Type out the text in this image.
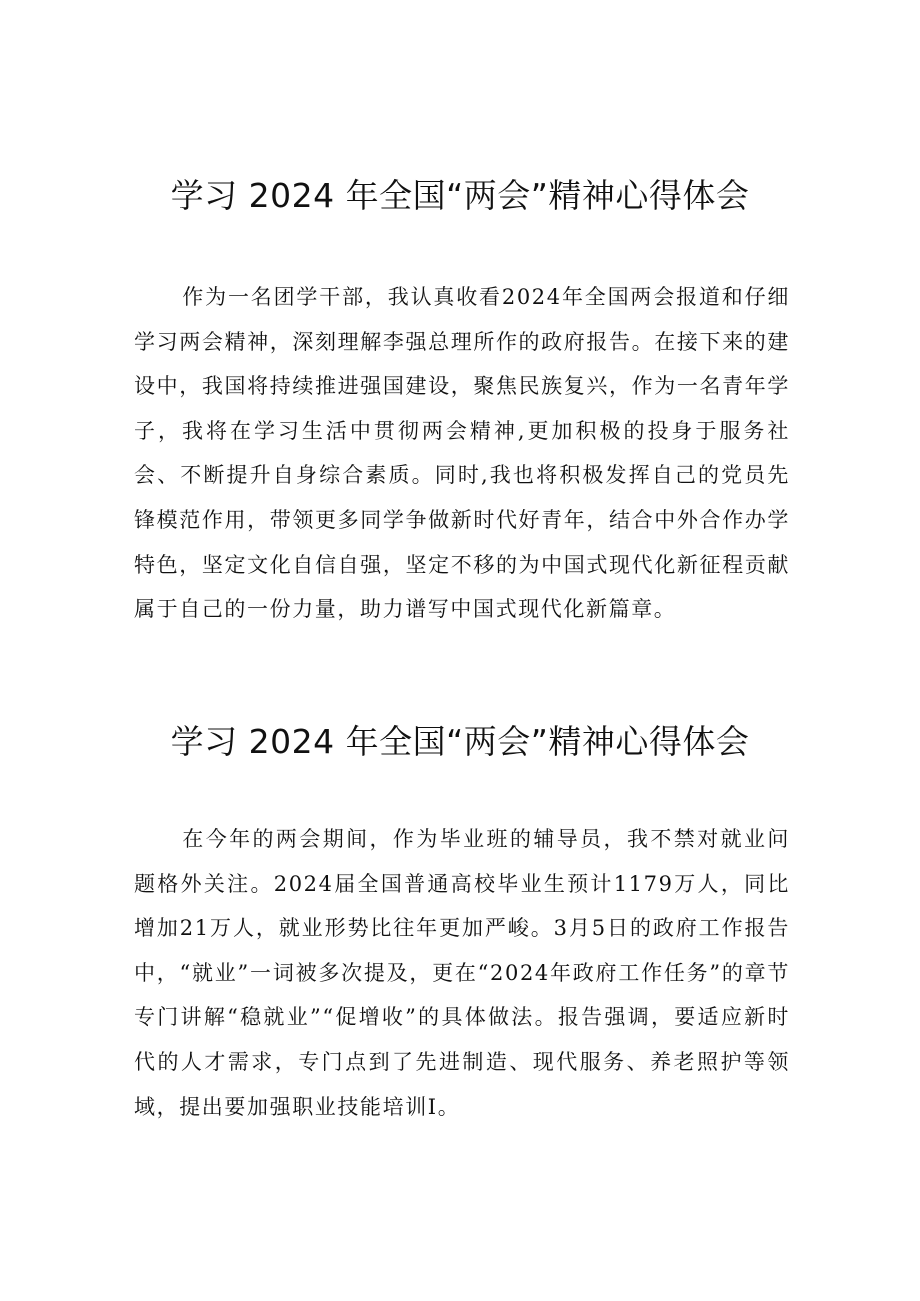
学习 2024 年全国“两会”精神心得体会

作为一名团学干部，我认真收看2024年全国两会报道和仔细学习两会精神，深刻理解李强总理所作的政府报告。在接下来的建设中，我国将持续推进强国建设，聚焦民族复兴，作为一名青年学子，我将在学习生活中贯彻两会精神,更加积极的投身于服务社会、不断提升自身综合素质。同时,我也将积极发挥自己的党员先锋模范作用，带领更多同学争做新时代好青年，结合中外合作办学特色，坚定文化自信自强，坚定不移的为中国式现代化新征程贡献属于自己的一份力量，助力谱写中国式现代化新篇章。

学习 2024 年全国“两会”精神心得体会

在今年的两会期间，作为毕业班的辅导员，我不禁对就业问题格外关注。2024届全国普通高校毕业生预计1179万人，同比增加21万人，就业形势比往年更加严峻。3月5日的政府工作报告中，“就业”一词被多次提及，更在“2024年政府工作任务”的章节专门讲解“稳就业”“促增收”的具体做法。报告强调，要适应新时代的人才需求，专门点到了先进制造、现代服务、养老照护等领域，提出要加强职业技能培训I。
